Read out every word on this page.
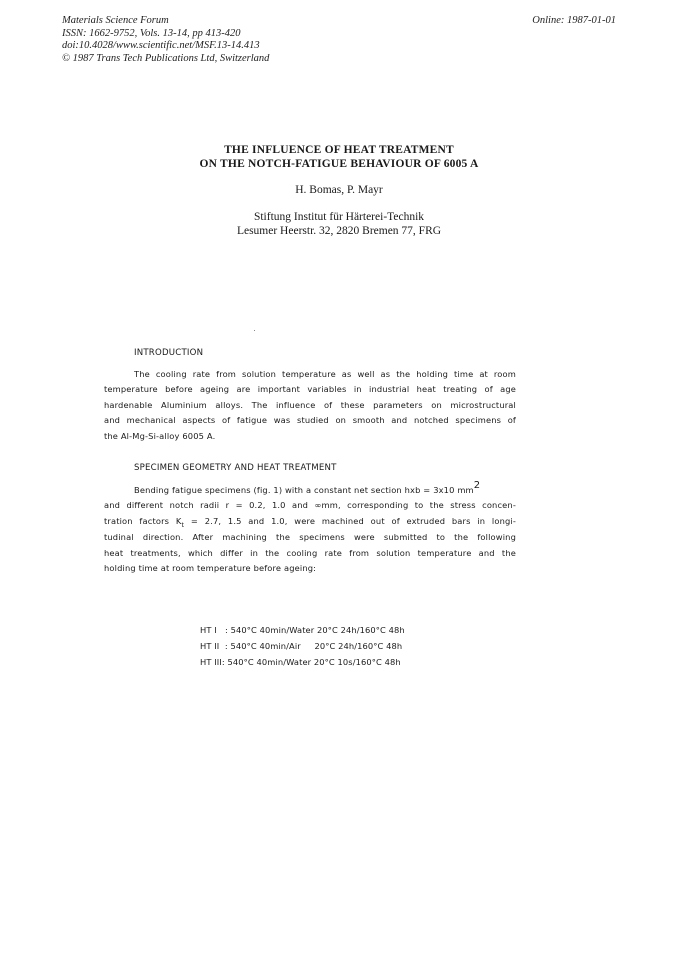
Materials Science Forum
ISSN: 1662-9752, Vols. 13-14, pp 413-420
doi:10.4028/www.scientific.net/MSF.13-14.413
© 1987 Trans Tech Publications Ltd, Switzerland
Online: 1987-01-01
THE INFLUENCE OF HEAT TREATMENT
ON THE NOTCH-FATIGUE BEHAVIOUR OF 6005 A
H. Bomas, P. Mayr
Stiftung Institut für Härterei-Technik
Lesumer Heerstr. 32, 2820 Bremen 77, FRG
INTRODUCTION
The cooling rate from solution temperature as well as the holding time at room
temperature before ageing are important variables in industrial heat treating of age
hardenable Aluminium alloys. The influence of these parameters on microstructural
and mechanical aspects of fatigue was studied on smooth and notched specimens of
the Al-Mg-Si-alloy 6005 A.
SPECIMEN GEOMETRY AND HEAT TREATMENT
Bending fatigue specimens (fig. 1) with a constant net section hxb = 3x10 mm2
and different notch radii r = 0.2, 1.0 and ∞mm, corresponding to the stress concen-
tration factors $K_t = 2.7$, 1.5 and 1.0, were machined out of extruded bars in longi-
tudinal direction. After machining the specimens were submitted to the following
heat treatments, which differ in the cooling rate from solution temperature and the
holding time at room temperature before ageing:
HT I   : 540°C 40min/Water 20°C 24h/160°C 48h
HT II  : 540°C 40min/Air     20°C 24h/160°C 48h
HT III: 540°C 40min/Water 20°C 10s/160°C 48h
